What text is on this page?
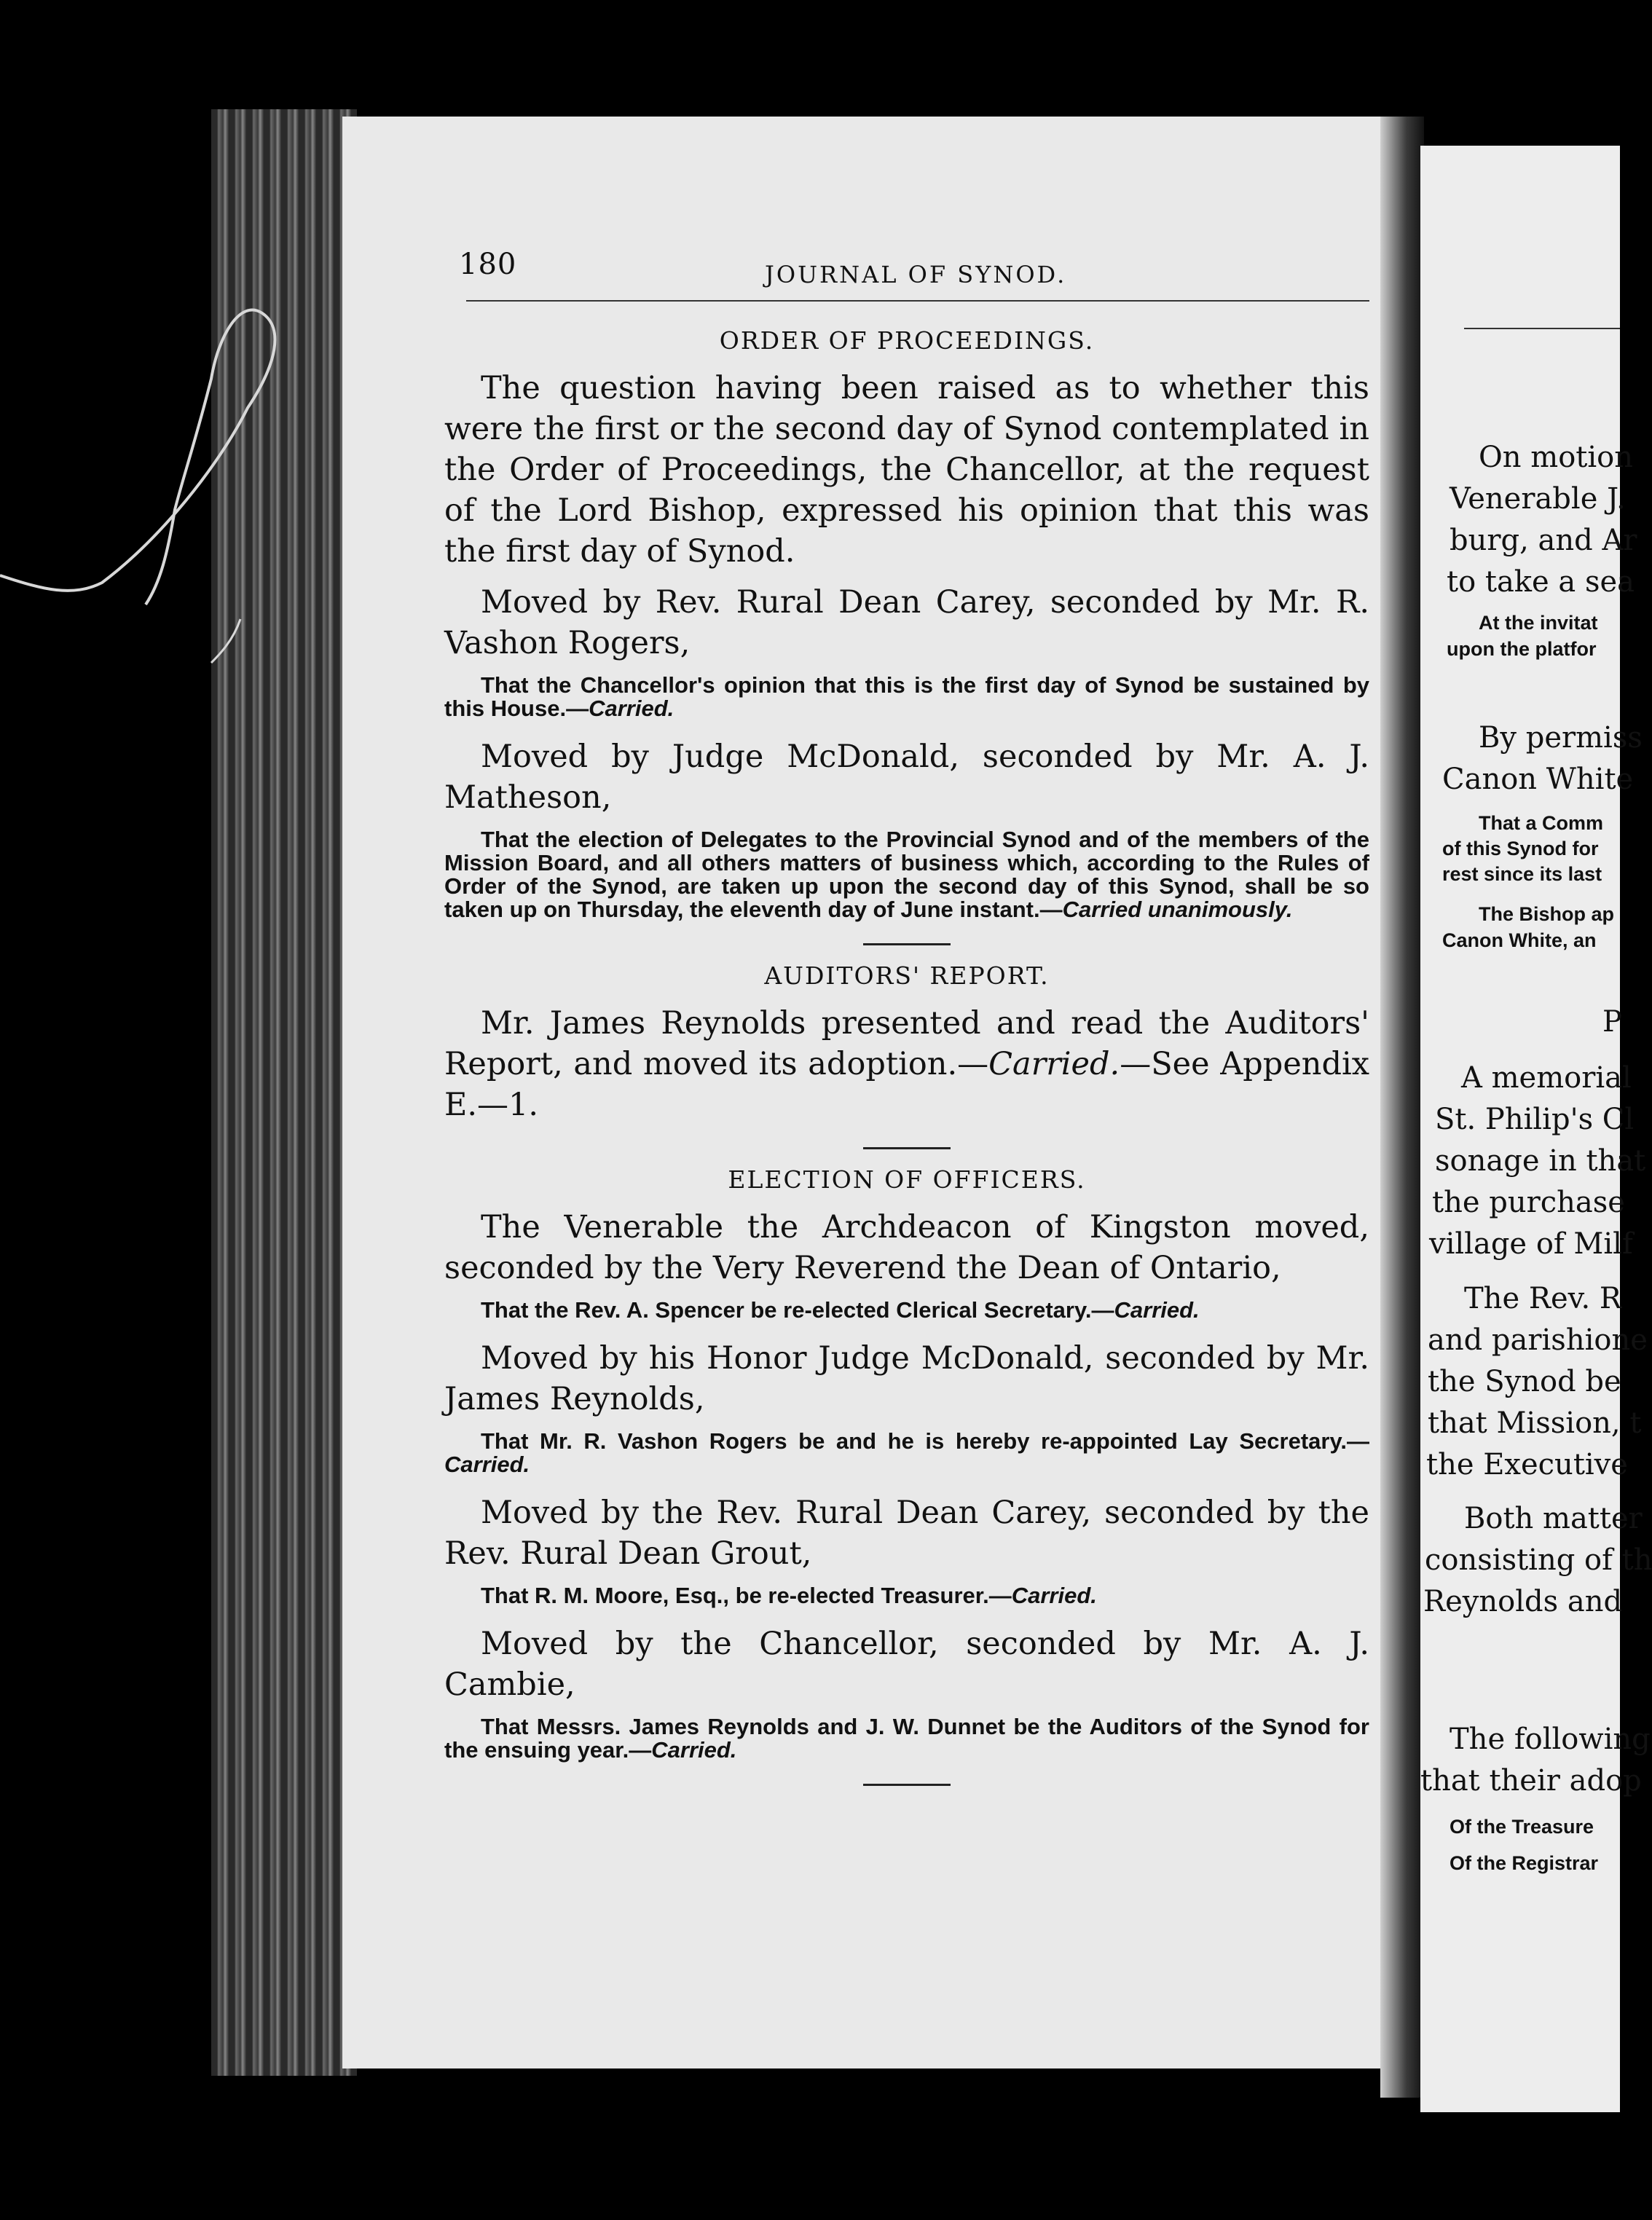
180	JOURNAL OF SYNOD.
ORDER OF PROCEEDINGS.

The question having been raised as to whether this were the first or the second day of Synod contemplated in the Order of Proceedings, the Chancellor, at the request of the Lord Bishop, expressed his opinion that this was the first day of Synod.

Moved by Rev. Rural Dean Carey, seconded by Mr. R. Vashon Rogers,

That the Chancellor's opinion that this is the first day of Synod be sustained by this House.—Carried.

Moved by Judge McDonald, seconded by Mr. A. J. Matheson,

That the election of Delegates to the Provincial Synod and of the members of the Mission Board, and all others matters of business which, according to the Rules of Order of the Synod, are taken up upon the second day of this Synod, shall be so taken up on Thursday, the eleventh day of June instant.—Carried unanimously.

AUDITORS' REPORT.

Mr. James Reynolds presented and read the Auditors' Report, and moved its adoption.—Carried.—See Appendix E.—1.

ELECTION OF OFFICERS.

The Venerable the Archdeacon of Kingston moved, seconded by the Very Reverend the Dean of Ontario,

That the Rev. A. Spencer be re-elected Clerical Secretary.—Carried.

Moved by his Honor Judge McDonald, seconded by Mr. James Reynolds,

That Mr. R. Vashon Rogers be and he is hereby re-appointed Lay Secretary.—Carried.

Moved by the Rev. Rural Dean Carey, seconded by the Rev. Rural Dean Grout,

That R. M. Moore, Esq., be re-elected Treasurer.—Carried.

Moved by the Chancellor, seconded by Mr. A. J. Cambie,

That Messrs. James Reynolds and J. W. Dunnet be the Auditors of the Synod for the ensuing year.—Carried.

On motion
Venerable J.
burg, and Ar
to take a sea
At the invitat
upon the platfor
By permiss
Canon White
That a Comm
of this Synod for
rest since its last
The Bishop ap
Canon White, an
P
A memorial
St. Philip's Cl
sonage in that
the purchase
village of Milf
The Rev. R
and parishione
the Synod be
that Mission, t
the Executive
Both matter
consisting of th
Reynolds and
The following
that their adop
Of the Treasure
Of the Registrar
